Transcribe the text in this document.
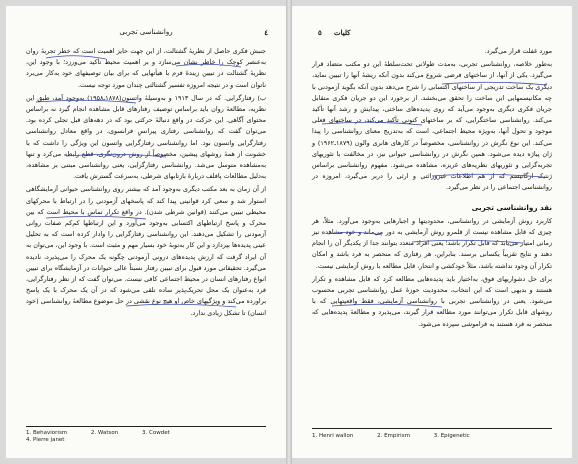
٤
روانشناسی تجربی

جنبش فکری حاصل از نظریهٔ گشتالت، از این جهت حایز اهمیت است که خطر تجربهٔ روان به‌عنصر کوچک را خاطر نشان می‌سازد و بر اهمیت محیط تأکید می‌ورزد؛ با وجود این، نظریهٔ گشتالت در تبیین زیندهٔ فرم با هیأتهایی که برای بیان توصیفهای خود به‌کار می‌برد ناتوان است و در نتیجه امروزه تفسیر گشتالتی چندان مورد توجه نیست.

ب) رفتارگرایی. که در سال ۱۹۱۳ و به‌وسیلهٔ واتسون(۱۸۷۸ـ۱۹۵۸) به‌وجود آمد، طبق این نظریه، مطالعهٔ روان باید براساس توصیف رفتارهای قابل مشاهده انجام گیرد نه براساس محتوای آگاهی. این حرکت در واقع دنبالهٔ حرکتی بود که در دهه‌های قبل تجلی کرده بود. می‌توان گفت که روانشناسی رفتاری پیرانسِ فرانسوی، در واقع معادل روانشناسی رفتارگرایی واتسون بود. اما روانشناسی رفتارگرایی واتسون این ویژگی را داشت که با خشونت از همهٔ روشهای پیشین، مخصوصاً از روش درون‌نگری، قطع رابطه می‌کرد و تنها به‌مشاهده متوسل می‌شد. روانشناسی رفتارگرایی، یعنی روانشناسی مبتنی بر مشاهده، به‌دلیل مطالعات پافلف دربارهٔ بازتابهای شرطی، به‌سرعت گسترش یافت.

از آن زمان به بعد مکتب دیگری به‌وجود آمد که بیشتر روی روانشناسی حیوانی آزمایشگاهی استوار شد و سعی کرد قوانینی پیدا کند که پاسخهای آزمودنی را در ارتباط با محرکهای محیطی تبیین می‌کنند (قوانین شرطی شدن). در واقع تکرار تماس با محیط است که بین محرک و پاسخ ارتباطهای اکتسابی به‌وجود می‌آورد و این ارتباطها کم‌کم صفات روانی آزمودنی را تشکیل می‌دهند. این روانشناسی رفتارگرایی را وادار کرده است که به تحلیل عینی پدیده‌ها بپردازد و این کار به‌نوبهٔ خود بسیار مهم و مثبت است. با وجود این، می‌توان به آن ایراد گرفت که ارزش پدیده‌های درونی آزمودنی چگونه یک محرک را می‌پذیرد، نادیده می‌گیرد. تحقیقاتی مورد قبول برای تبیین رفتار نسبتاً عالی حیوانات در آزمایشگاه برای تبیین انواع رفتارهای انسان در محیط اجتماعی کافی نیست. می‌توان گفت که از نظر رفتارگرایی، فرد به‌عنوان یک محل تحریک‌پذیر ساده تلقی می‌شود که در آن یک محرک با یک پاسخ براورده می‌کند و ویژگیهای خاص او هیچ نوع نقشی در حل موضوع مطالعهٔ روانشناسی (خود انسان) تا تشکل زیادی ندارد.

1. Behaviorism	2. Watson	3. Cowdet
4. Pierre janet
٥ کلیات

مورد غفلت قرار می‌گیرد.

به‌طور خلاصه، روانشناسی تجربی، به‌مدت طولانی تحت‌سلطهٔ این دو مکتب متضاد قرار می‌گیرد. یکی از آنها، از ساختهای فرضی شروع می‌کند بدون آنکه ریشهٔ آنها را تبیین نماید، دیگری یک ساخت تدریجی از ساختهای اکتسابی را شرح می‌دهد بدون آنکه بگوید آزمودنی با چه مکانیسمهایی این ساخت را تحقق می‌بخشد. از برخورد این دو جریان فکری متقابل جریان فکری دیگری به‌وجود می‌آید که روی پدیده‌های ساختی، پیدایش و رشد آنها تأکید می‌کند. روانشناسی ساختگرایی، که بر ساختهای کنونی تأکید می‌کند، در ساختهای فعلی موجود و تحول آنها، به‌ویژه محیط اجتماعی، است که به‌تدریج معنای روانشناسی را پیدا می‌کند. این نوع نگرش در روانشناسی، مخصوصاً در کارهای هانری والون (۱۸۷۹ـ۱۹۶۲) و ژان پیاژه دیده می‌شود. همین نگرش در روانشناسی حیوانی نیز، در مخالفت با تئوریهای تجربه‌گرایی و تئوریهای نظریه‌های غریزه، مشاهده می‌شود. مفهوم روانشناسی براساس ژنتیک ارگانیسم که از هم اطلاعات غیروراثتی و ارثی را دربر می‌گیرد، امروزه در روانشناسی اجتماعی را در نظر می‌گیرد.

نقد روانشناسی تجربی

کاربرد روش آزمایشی در روانشناسی، محدودیتها و اجبارهایی به‌وجود می‌آورد. مثلاً، هر چیزی که قابل مشاهده نیست از قلمرو روش آزمایشی به دور می‌ماند و خود مشاهده نیز زمانی امتیاز می‌یابد که قابل تکرار باشد؛ یعنی افراد متعدد بتوانند جدا از یکدیگر آن را انجام دهند و نتایج تقریباً یکسانی برسند. بنابراین، هر رفتاری که منحصر به فرد باشد و امکان تکرار آن وجود نداشته باشد، مثلاً خودکشی و انتحار، قابل مطالعه با روش آزمایشی نیست.

برای حل دشواریهای فوق، به‌اختیار باید پدیده‌هایی مطالعه کرد که قابل مشاهده و تکرار هستند و بدیهی است که این انتخاب، محدودیت حوزهٔ عمل روانشناسی تجربی محسوب می‌شود. یعنی در روانشناسی تجربی با روانشناسی آزمایشی، فقط واقعیتهایی که با روشهای قابل تکرار می‌توانند مورد مطالعه قرار گیرند، می‌پذیرد و مطالعهٔ پدیده‌هایی که منحصر به فرد هستند به فراموشی سپرده می‌شود.

1. Henri wallon	2. Empirism	3. Epigenetic
